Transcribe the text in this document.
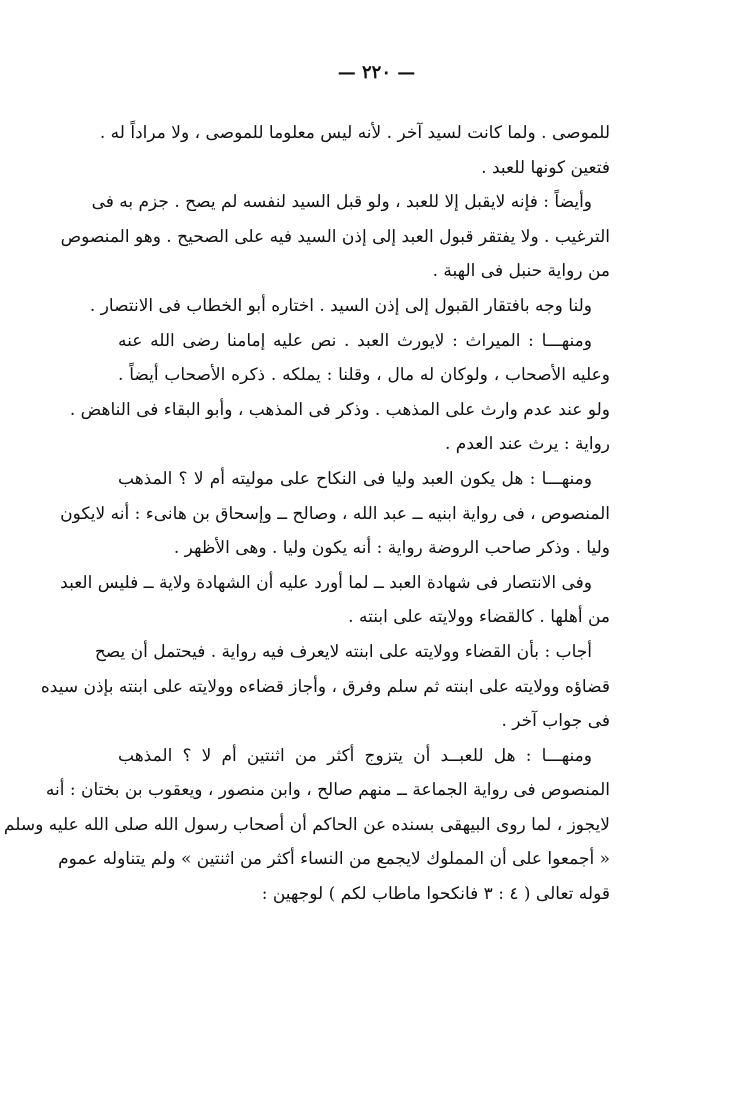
— ٢٢٠ —
للموصى . ولما كانت لسيد آخر . لأنه ليس معلوما للموصى ، ولا مراداً له .
فتعين كونها للعبد .
وأيضاً : فإنه لايقبل إلا للعبد ، ولو قبل السيد لنفسه لم يصح . جزم به فى
الترغيب . ولا يفتقر قبول العبد إلى إذن السيد فيه على الصحيح . وهو المنصوص
من رواية حنبل فى الهبة .
ولنا وجه بافتقار القبول إلى إذن السيد . اختاره أبو الخطاب فى الانتصار .
ومنهـــا : الميراث : لايورث العبد . نص عليه إمامنا رضى الله عنه
وعليه الأصحاب ، ولوكان له مال ، وقلنا : يملكه . ذكره الأصحاب أيضاً .
ولو عند عدم وارث على المذهب . وذكر فى المذهب ، وأبو البقاء فى الناهض .
رواية : يرث عند العدم .
ومنهـــا : هل يكون العبد وليا فى النكاح على موليته أم لا ؟ المذهب
المنصوص ، فى رواية ابنيه ــ عبد الله ، وصالح ــ وإسحاق بن هانىء : أنه لايكون
وليا . وذكر صاحب الروضة رواية : أنه يكون وليا . وهى الأظهر .
وفى الانتصار فى شهادة العبد ــ لما أورد عليه أن الشهادة ولاية ــ فليس العبد
من أهلها . كالقضاء وولايته على ابنته .
أجاب : بأن القضاء وولايته على ابنته لايعرف فيه رواية . فيحتمل أن يصح
قضاؤه وولايته على ابنته ثم سلم وفرق ، وأجاز قضاءه وولايته على ابنته بإذن سيده
فى جواب آخر .
ومنهـــا : هل للعبــد أن يتزوج أكثر من اثنتين أم لا ؟ المذهب
المنصوص فى رواية الجماعة ــ منهم صالح ، وابن منصور ، ويعقوب بن بختان : أنه
لايجوز ، لما روى البيهقى بسنده عن الحاكم أن أصحاب رسول الله صلى الله عليه وسلم
« أجمعوا على أن المملوك لايجمع من النساء أكثر من اثنتين » ولم يتناوله عموم
قوله تعالى ( ٤ : ٣ فانكحوا ماطاب لكم ) لوجهين :
